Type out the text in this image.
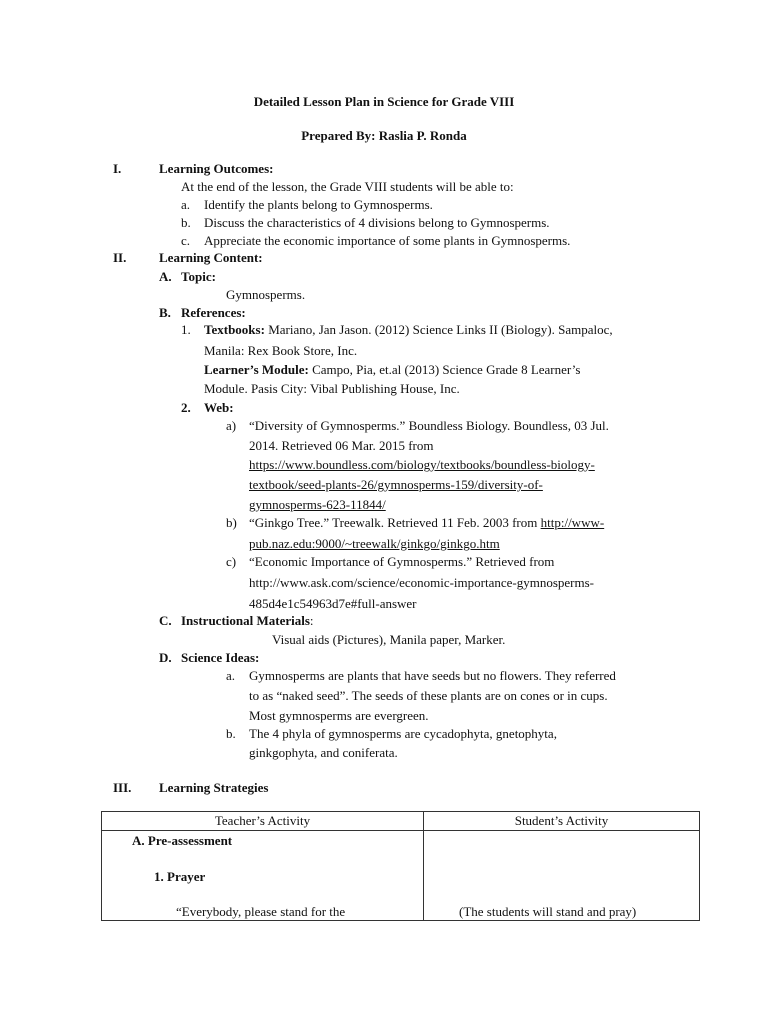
Detailed Lesson Plan in Science for Grade VIII
Prepared By: Raslia P. Ronda
I.	Learning Outcomes:
At the end of the lesson, the Grade VIII students will be able to:
a. Identify the plants belong to Gymnosperms.
b. Discuss the characteristics of 4 divisions belong to Gymnosperms.
c. Appreciate the economic importance of some plants in Gymnosperms.
II.	Learning Content:
A. Topic:
Gymnosperms.
B. References:
1. Textbooks: Mariano, Jan Jason. (2012) Science Links II (Biology). Sampaloc,
Manila: Rex Book Store, Inc.
Learner’s Module: Campo, Pia, et.al (2013) Science Grade 8 Learner’s
Module. Pasis City: Vibal Publishing House, Inc.
2. Web:
a) “Diversity of Gymnosperms.” Boundless Biology. Boundless, 03 Jul.
2014. Retrieved 06 Mar. 2015 from
https://www.boundless.com/biology/textbooks/boundless-biology-
textbook/seed-plants-26/gymnosperms-159/diversity-of-
gymnosperms-623-11844/
b) “Ginkgo Tree.” Treewalk. Retrieved 11 Feb. 2003 from http://www-
pub.naz.edu:9000/~treewalk/ginkgo/ginkgo.htm
c) “Economic Importance of Gymnosperms.” Retrieved from
http://www.ask.com/science/economic-importance-gymnosperms-
485d4e1c54963d7e#full-answer
C. Instructional Materials:
Visual aids (Pictures), Manila paper, Marker.
D. Science Ideas:
a. Gymnosperms are plants that have seeds but no flowers. They referred
to as “naked seed”. The seeds of these plants are on cones or in cups.
Most gymnosperms are evergreen.
b. The 4 phyla of gymnosperms are cycadophyta, gnetophyta,
ginkgophyta, and coniferata.
III. Learning Strategies
Teacher’s Activity	Student’s Activity

A. Pre-assessment
1. Prayer
“Everybody, please stand for the	(The students will stand and pray)
